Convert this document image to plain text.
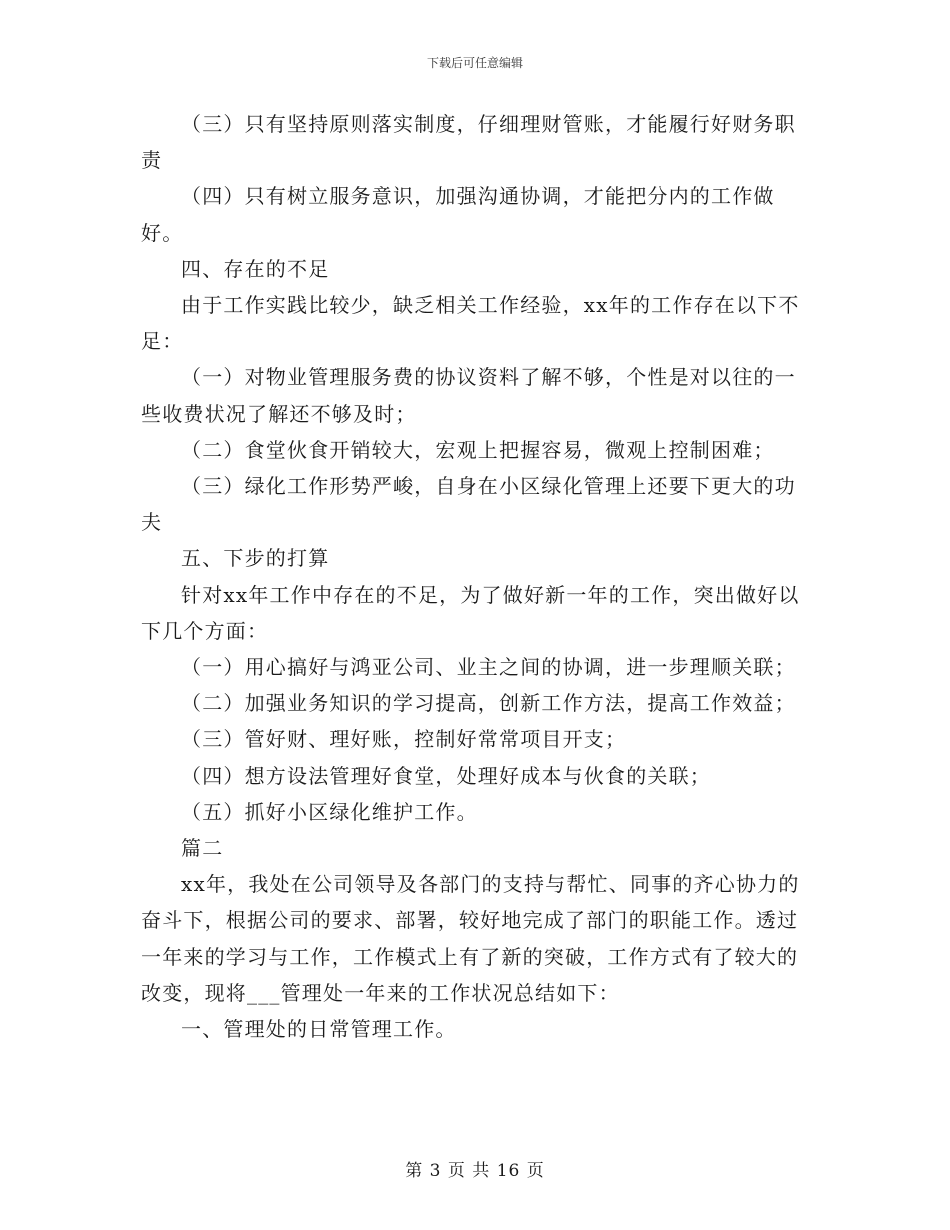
下载后可任意编辑

（三）只有坚持原则落实制度，仔细理财管账，才能履行好财务职责

（四）只有树立服务意识，加强沟通协调，才能把分内的工作做好。

四、存在的不足

由于工作实践比较少，缺乏相关工作经验，xx年的工作存在以下不足：

（一）对物业管理服务费的协议资料了解不够，个性是对以往的一些收费状况了解还不够及时；

（二）食堂伙食开销较大，宏观上把握容易，微观上控制困难；

（三）绿化工作形势严峻，自身在小区绿化管理上还要下更大的功夫

五、下步的打算

针对xx年工作中存在的不足，为了做好新一年的工作，突出做好以下几个方面：

（一）用心搞好与鸿亚公司、业主之间的协调，进一步理顺关联；

（二）加强业务知识的学习提高，创新工作方法，提高工作效益；

（三）管好财、理好账，控制好常常项目开支；

（四）想方设法管理好食堂，处理好成本与伙食的关联；

（五）抓好小区绿化维护工作。

篇二

xx年，我处在公司领导及各部门的支持与帮忙、同事的齐心协力的奋斗下，根据公司的要求、部署，较好地完成了部门的职能工作。透过一年来的学习与工作，工作模式上有了新的突破，工作方式有了较大的改变，现将___管理处一年来的工作状况总结如下：

一、管理处的日常管理工作。

第 3 页 共 16 页
